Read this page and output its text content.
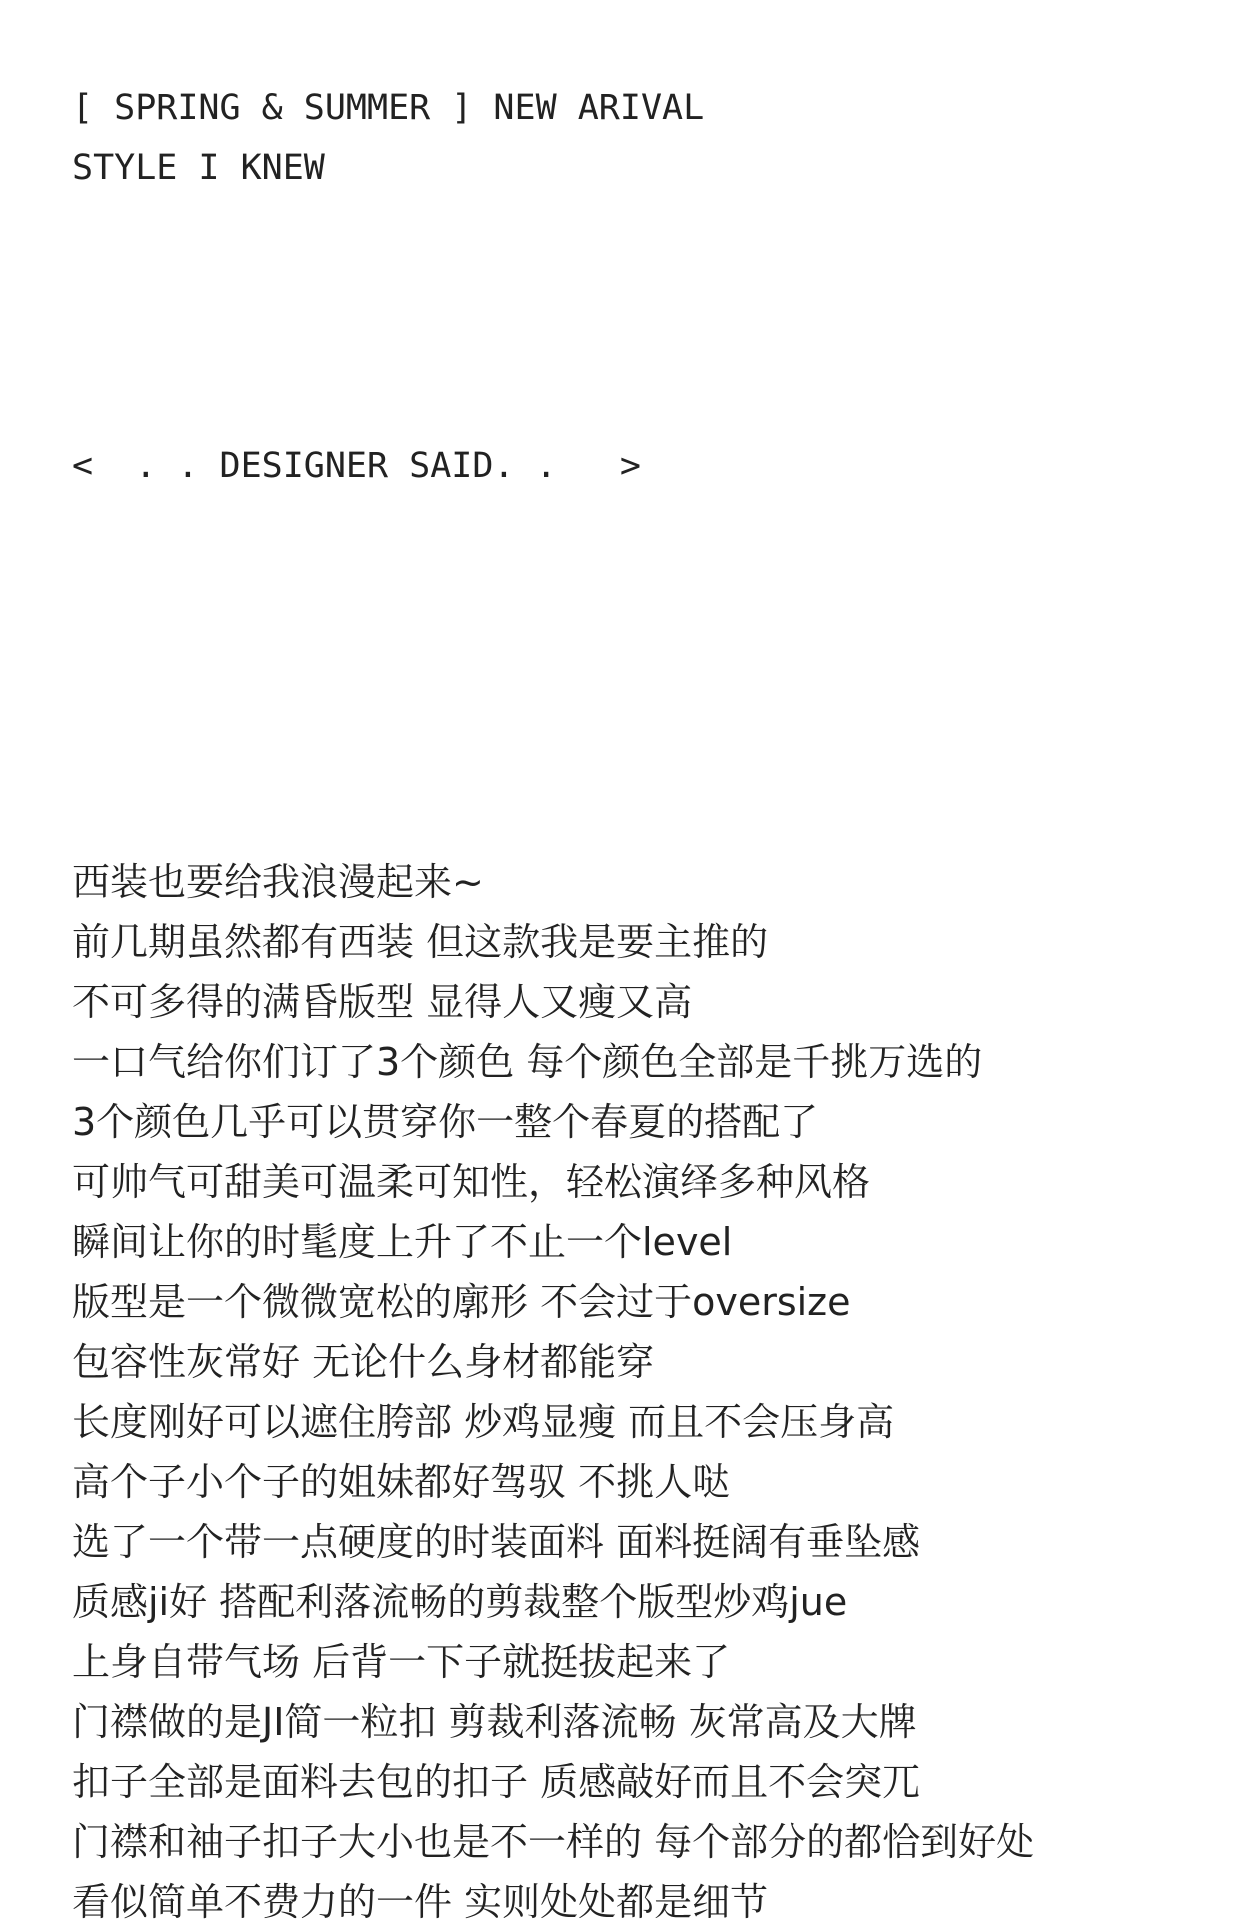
[ SPRING & SUMMER ] NEW ARIVAL
STYLE I KNEW
<  . . DESIGNER SAID. .   >
西装也要给我浪漫起来~
前几期虽然都有西装 但这款我是要主推的
不可多得的满昏版型 显得人又瘦又高
一口气给你们订了3个颜色 每个颜色全部是千挑万选的
3个颜色几乎可以贯穿你一整个春夏的搭配了
可帅气可甜美可温柔可知性，轻松演绎多种风格
瞬间让你的时髦度上升了不止一个level
版型是一个微微宽松的廓形 不会过于oversize
包容性灰常好 无论什么身材都能穿
长度刚好可以遮住胯部 炒鸡显瘦 而且不会压身高
高个子小个子的姐妹都好驾驭 不挑人哒
选了一个带一点硬度的时装面料 面料挺阔有垂坠感
质感ji好 搭配利落流畅的剪裁整个版型炒鸡jue
上身自带气场 后背一下子就挺拔起来了
门襟做的是JI简一粒扣 剪裁利落流畅 灰常高及大牌
扣子全部是面料去包的扣子 质感敲好而且不会突兀
门襟和袖子扣子大小也是不一样的 每个部分的都恰到好处
看似简单不费力的一件 实则处处都是细节
